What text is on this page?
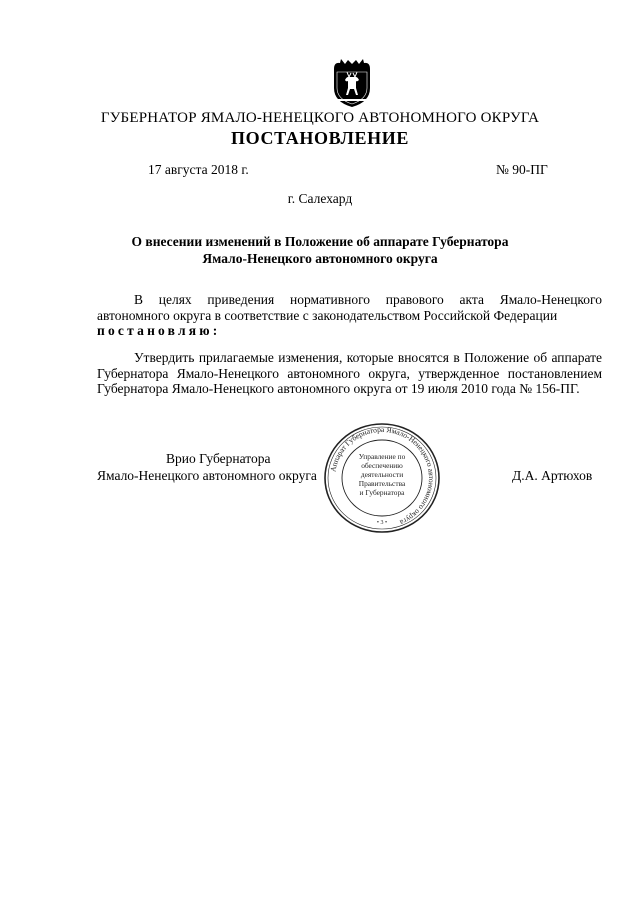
ГУБЕРНАТОР ЯМАЛО-НЕНЕЦКОГО АВТОНОМНОГО ОКРУГА
ПОСТАНОВЛЕНИЕ
17 августа 2018 г.	№ 90-ПГ
г. Салехард
О внесении изменений в Положение об аппарате Губернатора
Ямало-Ненецкого автономного округа
В целях приведения нормативного правового акта Ямало-Ненецкого автономного округа в соответствие с законодательством Российской Федерации
постановляю:
Утвердить прилагаемые изменения, которые вносятся в Положение об аппарате Губернатора Ямало-Ненецкого автономного округа, утвержденное постановлением Губернатора Ямало-Ненецкого автономного округа от 19 июля 2010 года № 156-ПГ.
Врио Губернатора
Ямало-Ненецкого автономного округа	Д.А. Артюхов
Аппарат Губернатора Ямало-Ненецкого автономного округа
Управление по
обеспечению
деятельности
Правительства
и Губернатора
• 3 •
